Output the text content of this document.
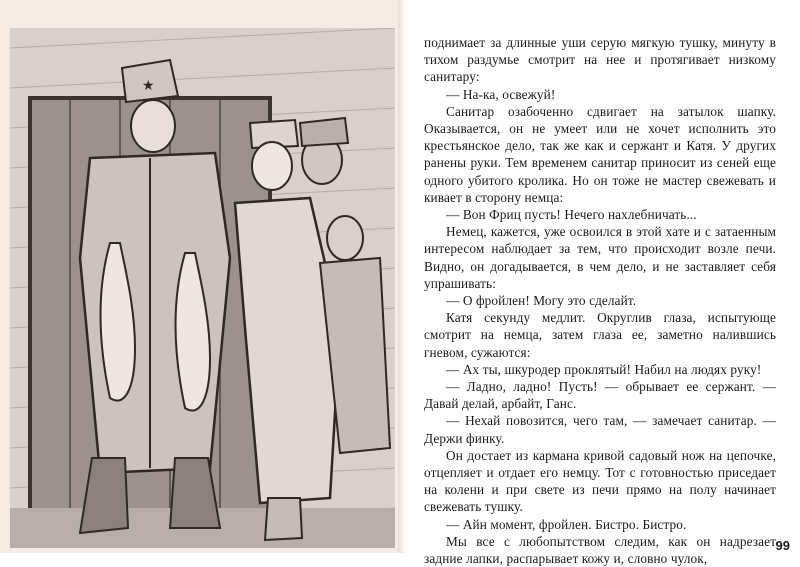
★

поднимает за длинные уши серую мягкую тушку, минуту в тихом раздумье смотрит на нее и протягивает низкому санитару:

— На-ка, освежуй!

Санитар озабоченно сдвигает на затылок шапку. Оказывается, он не умеет или не хочет исполнить это крестьянское дело, так же как и сержант и Катя. У других ранены руки. Тем временем санитар приносит из сеней еще одного убитого кролика. Но он тоже не мастер свежевать и кивает в сторону немца:

— Вон Фриц пусть! Нечего нахлебничать...

Немец, кажется, уже освоился в этой хате и с затаенным интересом наблюдает за тем, что происходит возле печи. Видно, он догадывается, в чем дело, и не заставляет себя упрашивать:

— О фройлен! Могу это сделайт.

Катя секунду медлит. Округлив глаза, испытующе смотрит на немца, затем глаза ее, заметно налившись гневом, сужаются:

— Ах ты, шкуродер проклятый! Набил на людях руку!

— Ладно, ладно! Пусть! — обрывает ее сержант. — Давай делай, арбайт, Ганс.

— Нехай повозится, чего там, — замечает санитар. — Держи финку.

Он достает из кармана кривой садовый нож на цепочке, отцепляет и отдает его немцу. Тот с готовностью приседает на колени и при свете из печи прямо на полу начинает свежевать тушку.

— Айн момент, фройлен. Бистро. Бистро.

Мы все с любопытством следим, как он надрезает задние лапки, распарывает кожу и, словно чулок,

99
